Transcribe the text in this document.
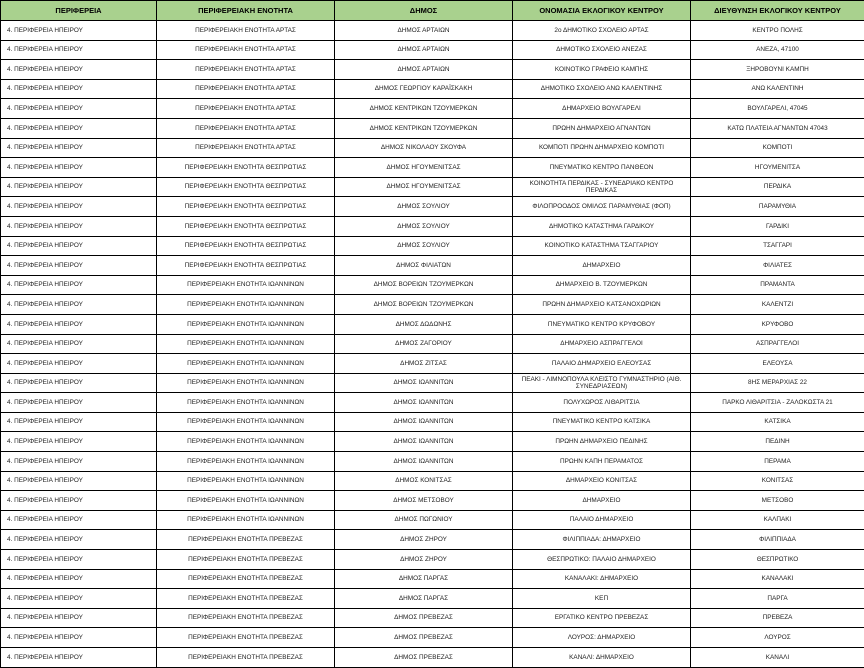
ΠΕΡΙΦΕΡΕΙΑ	ΠΕΡΙΦΕΡΕΙΑΚΗ ΕΝΟΤΗΤΑ	ΔΗΜΟΣ	ΟΝΟΜΑΣΙΑ ΕΚΛΟΓΙΚΟΥ ΚΕΝΤΡΟΥ	ΔΙΕΥΘΥΝΣΗ ΕΚΛΟΓΙΚΟΥ ΚΕΝΤΡΟΥ
4. ΠΕΡΙΦΕΡΕΙΑ ΗΠΕΙΡΟΥ	ΠΕΡΙΦΕΡΕΙΑΚΗ ΕΝΟΤΗΤΑ ΑΡΤΑΣ	ΔΗΜΟΣ ΑΡΤΑΙΩΝ	2ο ΔΗΜΟΤΙΚΟ ΣΧΟΛΕΙΟ ΑΡΤΑΣ	ΚΕΝΤΡΟ ΠΟΛΗΣ
4. ΠΕΡΙΦΕΡΕΙΑ ΗΠΕΙΡΟΥ	ΠΕΡΙΦΕΡΕΙΑΚΗ ΕΝΟΤΗΤΑ ΑΡΤΑΣ	ΔΗΜΟΣ ΑΡΤΑΙΩΝ	ΔΗΜΟΤΙΚΟ ΣΧΟΛΕΙΟ ΑΝΕΖΑΣ	ΑΝΕΖΑ, 47100
4. ΠΕΡΙΦΕΡΕΙΑ ΗΠΕΙΡΟΥ	ΠΕΡΙΦΕΡΕΙΑΚΗ ΕΝΟΤΗΤΑ ΑΡΤΑΣ	ΔΗΜΟΣ ΑΡΤΑΙΩΝ	ΚΟΙΝΟΤΙΚΟ ΓΡΑΦΕΙΟ ΚΑΜΠΗΣ	ΞΗΡΟΒΟΥΝΙ ΚΑΜΠΗ
4. ΠΕΡΙΦΕΡΕΙΑ ΗΠΕΙΡΟΥ	ΠΕΡΙΦΕΡΕΙΑΚΗ ΕΝΟΤΗΤΑ ΑΡΤΑΣ	ΔΗΜΟΣ ΓΕΩΡΓΙΟΥ ΚΑΡΑΪΣΚΑΚΗ	ΔΗΜΟΤΙΚΟ ΣΧΟΛΕΙΟ ΑΝΩ ΚΑΛΕΝΤΙΝΗΣ	ΑΝΩ ΚΑΛΕΝΤΙΝΗ
4. ΠΕΡΙΦΕΡΕΙΑ ΗΠΕΙΡΟΥ	ΠΕΡΙΦΕΡΕΙΑΚΗ ΕΝΟΤΗΤΑ ΑΡΤΑΣ	ΔΗΜΟΣ ΚΕΝΤΡΙΚΩΝ ΤΖΟΥΜΕΡΚΩΝ	ΔΗΜΑΡΧΕΙΟ ΒΟΥΛΓΑΡΕΛΙ	ΒΟΥΛΓΑΡΕΛΙ, 47045
4. ΠΕΡΙΦΕΡΕΙΑ ΗΠΕΙΡΟΥ	ΠΕΡΙΦΕΡΕΙΑΚΗ ΕΝΟΤΗΤΑ ΑΡΤΑΣ	ΔΗΜΟΣ ΚΕΝΤΡΙΚΩΝ ΤΖΟΥΜΕΡΚΩΝ	ΠΡΩΗΝ ΔΗΜΑΡΧΕΙΟ ΑΓΝΑΝΤΩΝ	ΚΑΤΩ ΠΛΑΤΕΙΑ ΑΓΝΑΝΤΩΝ 47043
4. ΠΕΡΙΦΕΡΕΙΑ ΗΠΕΙΡΟΥ	ΠΕΡΙΦΕΡΕΙΑΚΗ ΕΝΟΤΗΤΑ ΑΡΤΑΣ	ΔΗΜΟΣ ΝΙΚΟΛΑΟΥ ΣΚΟΥΦΑ	ΚΟΜΠΟΤΙ ΠΡΩΗΝ ΔΗΜΑΡΧΕΙΟ ΚΟΜΠΟΤΙ	ΚΟΜΠΟΤΙ
4. ΠΕΡΙΦΕΡΕΙΑ ΗΠΕΙΡΟΥ	ΠΕΡΙΦΕΡΕΙΑΚΗ ΕΝΟΤΗΤΑ ΘΕΣΠΡΩΤΙΑΣ	ΔΗΜΟΣ ΗΓΟΥΜΕΝΙΤΣΑΣ	ΠΝΕΥΜΑΤΙΚΟ ΚΕΝΤΡΟ ΠΑΝΘΕΟΝ	ΗΓΟΥΜΕΝΙΤΣΑ
4. ΠΕΡΙΦΕΡΕΙΑ ΗΠΕΙΡΟΥ	ΠΕΡΙΦΕΡΕΙΑΚΗ ΕΝΟΤΗΤΑ ΘΕΣΠΡΩΤΙΑΣ	ΔΗΜΟΣ ΗΓΟΥΜΕΝΙΤΣΑΣ	ΚΟΙΝΟΤΗΤΑ ΠΕΡΔΙΚΑΣ - ΣΥΝΕΔΡΙΑΚΟ ΚΕΝΤΡΟ ΠΕΡΔΙΚΑΣ	ΠΕΡΔΙΚΑ
4. ΠΕΡΙΦΕΡΕΙΑ ΗΠΕΙΡΟΥ	ΠΕΡΙΦΕΡΕΙΑΚΗ ΕΝΟΤΗΤΑ ΘΕΣΠΡΩΤΙΑΣ	ΔΗΜΟΣ ΣΟΥΛΙΟΥ	ΦΙΛΟΠΡΟΟΔΟΣ ΟΜΙΛΟΣ ΠΑΡΑΜΥΘΙΑΣ (ΦΟΠ)	ΠΑΡΑΜΥΘΙΑ
4. ΠΕΡΙΦΕΡΕΙΑ ΗΠΕΙΡΟΥ	ΠΕΡΙΦΕΡΕΙΑΚΗ ΕΝΟΤΗΤΑ ΘΕΣΠΡΩΤΙΑΣ	ΔΗΜΟΣ ΣΟΥΛΙΟΥ	ΔΗΜΟΤΙΚΟ ΚΑΤΑΣΤΗΜΑ ΓΑΡΔΙΚΟΥ	ΓΑΡΔΙΚΙ
4. ΠΕΡΙΦΕΡΕΙΑ ΗΠΕΙΡΟΥ	ΠΕΡΙΦΕΡΕΙΑΚΗ ΕΝΟΤΗΤΑ ΘΕΣΠΡΩΤΙΑΣ	ΔΗΜΟΣ ΣΟΥΛΙΟΥ	ΚΟΙΝΟΤΙΚΟ ΚΑΤΑΣΤΗΜΑ ΤΣΑΓΓΑΡΙΟΥ	ΤΣΑΓΓΑΡΙ
4. ΠΕΡΙΦΕΡΕΙΑ ΗΠΕΙΡΟΥ	ΠΕΡΙΦΕΡΕΙΑΚΗ ΕΝΟΤΗΤΑ ΘΕΣΠΡΩΤΙΑΣ	ΔΗΜΟΣ ΦΙΛΙΑΤΩΝ	ΔΗΜΑΡΧΕΙΟ	ΦΙΛΙΑΤΕΣ
4. ΠΕΡΙΦΕΡΕΙΑ ΗΠΕΙΡΟΥ	ΠΕΡΙΦΕΡΕΙΑΚΗ ΕΝΟΤΗΤΑ ΙΩΑΝΝΙΝΩΝ	ΔΗΜΟΣ ΒΟΡΕΙΩΝ ΤΖΟΥΜΕΡΚΩΝ	ΔΗΜΑΡΧΕΙΟ Β. ΤΖΟΥΜΕΡΚΩΝ	ΠΡΑΜΑΝΤΑ
4. ΠΕΡΙΦΕΡΕΙΑ ΗΠΕΙΡΟΥ	ΠΕΡΙΦΕΡΕΙΑΚΗ ΕΝΟΤΗΤΑ ΙΩΑΝΝΙΝΩΝ	ΔΗΜΟΣ ΒΟΡΕΙΩΝ ΤΖΟΥΜΕΡΚΩΝ	ΠΡΩΗΝ ΔΗΜΑΡΧΕΙΟ ΚΑΤΣΑΝΟΧΩΡΙΩΝ	ΚΑΛΕΝΤΖΙ
4. ΠΕΡΙΦΕΡΕΙΑ ΗΠΕΙΡΟΥ	ΠΕΡΙΦΕΡΕΙΑΚΗ ΕΝΟΤΗΤΑ ΙΩΑΝΝΙΝΩΝ	ΔΗΜΟΣ ΔΩΔΩΝΗΣ	ΠΝΕΥΜΑΤΙΚΟ ΚΕΝΤΡΟ ΚΡΥΦΟΒΟΥ	ΚΡΥΦΟΒΟ
4. ΠΕΡΙΦΕΡΕΙΑ ΗΠΕΙΡΟΥ	ΠΕΡΙΦΕΡΕΙΑΚΗ ΕΝΟΤΗΤΑ ΙΩΑΝΝΙΝΩΝ	ΔΗΜΟΣ ΖΑΓΟΡΙΟΥ	ΔΗΜΑΡΧΕΙΟ ΑΣΠΡΑΓΓΕΛΟΙ	ΑΣΠΡΑΓΓΕΛΟΙ
4. ΠΕΡΙΦΕΡΕΙΑ ΗΠΕΙΡΟΥ	ΠΕΡΙΦΕΡΕΙΑΚΗ ΕΝΟΤΗΤΑ ΙΩΑΝΝΙΝΩΝ	ΔΗΜΟΣ ΖΙΤΣΑΣ	ΠΑΛΑΙΟ ΔΗΜΑΡΧΕΙΟ ΕΛΕΟΥΣΑΣ	ΕΛΕΟΥΣΑ
4. ΠΕΡΙΦΕΡΕΙΑ ΗΠΕΙΡΟΥ	ΠΕΡΙΦΕΡΕΙΑΚΗ ΕΝΟΤΗΤΑ ΙΩΑΝΝΙΝΩΝ	ΔΗΜΟΣ ΙΩΑΝΝΙΤΩΝ	ΠΕΑΚΙ - ΛΙΜΝΟΠΟΥΛΑ ΚΛΕΙΣΤΟ ΓΥΜΝΑΣΤΗΡΙΟ (ΑΙΘ. ΣΥΝΕΔΡΙΑΣΕΩΝ)	8ΗΣ ΜΕΡΑΡΧΙΑΣ 22
4. ΠΕΡΙΦΕΡΕΙΑ ΗΠΕΙΡΟΥ	ΠΕΡΙΦΕΡΕΙΑΚΗ ΕΝΟΤΗΤΑ ΙΩΑΝΝΙΝΩΝ	ΔΗΜΟΣ ΙΩΑΝΝΙΤΩΝ	ΠΟΛΥΧΩΡΟΣ ΛΙΘΑΡΙΤΣΙΑ	ΠΑΡΚΟ ΛΙΘΑΡΙΤΣΙΑ - ΖΑΛΟΚΩΣΤΑ 21
4. ΠΕΡΙΦΕΡΕΙΑ ΗΠΕΙΡΟΥ	ΠΕΡΙΦΕΡΕΙΑΚΗ ΕΝΟΤΗΤΑ ΙΩΑΝΝΙΝΩΝ	ΔΗΜΟΣ ΙΩΑΝΝΙΤΩΝ	ΠΝΕΥΜΑΤΙΚΟ ΚΕΝΤΡΟ ΚΑΤΣΙΚΑ	ΚΑΤΣΙΚΑ
4. ΠΕΡΙΦΕΡΕΙΑ ΗΠΕΙΡΟΥ	ΠΕΡΙΦΕΡΕΙΑΚΗ ΕΝΟΤΗΤΑ ΙΩΑΝΝΙΝΩΝ	ΔΗΜΟΣ ΙΩΑΝΝΙΤΩΝ	ΠΡΩΗΝ ΔΗΜΑΡΧΕΙΟ ΠΕΔΙΝΗΣ	ΠΕΔΙΝΗ
4. ΠΕΡΙΦΕΡΕΙΑ ΗΠΕΙΡΟΥ	ΠΕΡΙΦΕΡΕΙΑΚΗ ΕΝΟΤΗΤΑ ΙΩΑΝΝΙΝΩΝ	ΔΗΜΟΣ ΙΩΑΝΝΙΤΩΝ	ΠΡΩΗΝ ΚΑΠΗ ΠΕΡΑΜΑΤΟΣ	ΠΕΡΑΜΑ
4. ΠΕΡΙΦΕΡΕΙΑ ΗΠΕΙΡΟΥ	ΠΕΡΙΦΕΡΕΙΑΚΗ ΕΝΟΤΗΤΑ ΙΩΑΝΝΙΝΩΝ	ΔΗΜΟΣ ΚΟΝΙΤΣΑΣ	ΔΗΜΑΡΧΕΙΟ ΚΟΝΙΤΣΑΣ	ΚΟΝΙΤΣΑΣ
4. ΠΕΡΙΦΕΡΕΙΑ ΗΠΕΙΡΟΥ	ΠΕΡΙΦΕΡΕΙΑΚΗ ΕΝΟΤΗΤΑ ΙΩΑΝΝΙΝΩΝ	ΔΗΜΟΣ ΜΕΤΣΟΒΟΥ	ΔΗΜΑΡΧΕΙΟ	ΜΕΤΣΟΒΟ
4. ΠΕΡΙΦΕΡΕΙΑ ΗΠΕΙΡΟΥ	ΠΕΡΙΦΕΡΕΙΑΚΗ ΕΝΟΤΗΤΑ ΙΩΑΝΝΙΝΩΝ	ΔΗΜΟΣ ΠΩΓΩΝΙΟΥ	ΠΑΛΑΙΟ ΔΗΜΑΡΧΕΙΟ	ΚΑΛΠΑΚΙ
4. ΠΕΡΙΦΕΡΕΙΑ ΗΠΕΙΡΟΥ	ΠΕΡΙΦΕΡΕΙΑΚΗ ΕΝΟΤΗΤΑ ΠΡΕΒΕΖΑΣ	ΔΗΜΟΣ ΖΗΡΟΥ	ΦΙΛΙΠΠΙΑΔΑ: ΔΗΜΑΡΧΕΙΟ	ΦΙΛΙΠΠΙΑΔΑ
4. ΠΕΡΙΦΕΡΕΙΑ ΗΠΕΙΡΟΥ	ΠΕΡΙΦΕΡΕΙΑΚΗ ΕΝΟΤΗΤΑ ΠΡΕΒΕΖΑΣ	ΔΗΜΟΣ ΖΗΡΟΥ	ΘΕΣΠΡΩΤΙΚΟ: ΠΑΛΑΙΟ ΔΗΜΑΡΧΕΙΟ	ΘΕΣΠΡΩΤΙΚΟ
4. ΠΕΡΙΦΕΡΕΙΑ ΗΠΕΙΡΟΥ	ΠΕΡΙΦΕΡΕΙΑΚΗ ΕΝΟΤΗΤΑ ΠΡΕΒΕΖΑΣ	ΔΗΜΟΣ ΠΑΡΓΑΣ	ΚΑΝΑΛΑΚΙ: ΔΗΜΑΡΧΕΙΟ	ΚΑΝΑΛΑΚΙ
4. ΠΕΡΙΦΕΡΕΙΑ ΗΠΕΙΡΟΥ	ΠΕΡΙΦΕΡΕΙΑΚΗ ΕΝΟΤΗΤΑ ΠΡΕΒΕΖΑΣ	ΔΗΜΟΣ ΠΑΡΓΑΣ	ΚΕΠ	ΠΑΡΓΑ
4. ΠΕΡΙΦΕΡΕΙΑ ΗΠΕΙΡΟΥ	ΠΕΡΙΦΕΡΕΙΑΚΗ ΕΝΟΤΗΤΑ ΠΡΕΒΕΖΑΣ	ΔΗΜΟΣ ΠΡΕΒΕΖΑΣ	ΕΡΓΑΤΙΚΟ ΚΕΝΤΡΟ ΠΡΕΒΕΖΑΣ	ΠΡΕΒΕΖΑ
4. ΠΕΡΙΦΕΡΕΙΑ ΗΠΕΙΡΟΥ	ΠΕΡΙΦΕΡΕΙΑΚΗ ΕΝΟΤΗΤΑ ΠΡΕΒΕΖΑΣ	ΔΗΜΟΣ ΠΡΕΒΕΖΑΣ	ΛΟΥΡΟΣ: ΔΗΜΑΡΧΕΙΟ	ΛΟΥΡΟΣ
4. ΠΕΡΙΦΕΡΕΙΑ ΗΠΕΙΡΟΥ	ΠΕΡΙΦΕΡΕΙΑΚΗ ΕΝΟΤΗΤΑ ΠΡΕΒΕΖΑΣ	ΔΗΜΟΣ ΠΡΕΒΕΖΑΣ	ΚΑΝΑΛΙ: ΔΗΜΑΡΧΕΙΟ	ΚΑΝΑΛΙ
